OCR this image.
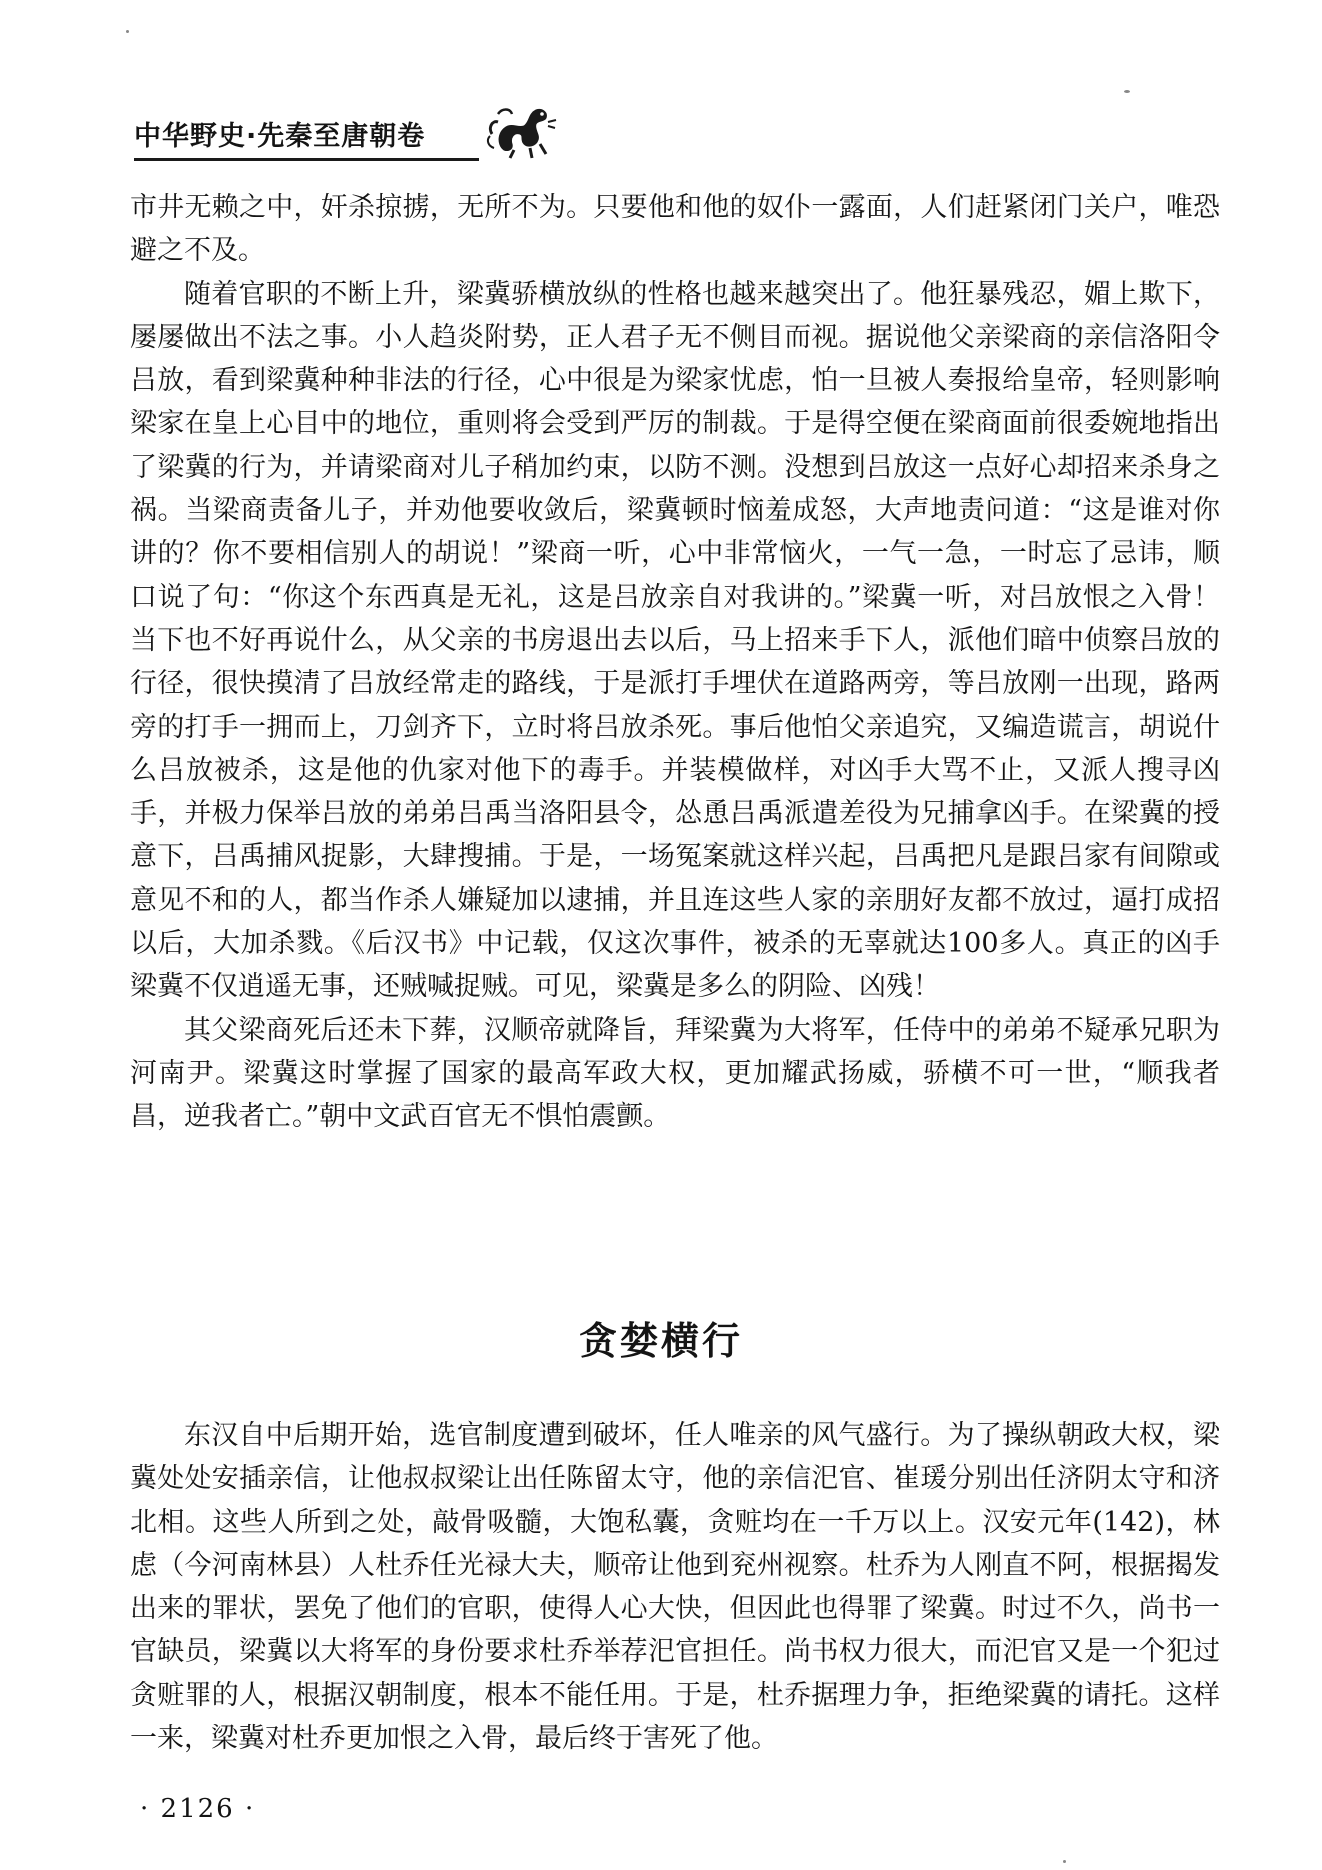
中华野史·先秦至唐朝卷

市井无赖之中，奸杀掠掳，无所不为。只要他和他的奴仆一露面，人们赶紧闭门关户，唯恐避之不及。

随着官职的不断上升，梁冀骄横放纵的性格也越来越突出了。他狂暴残忍，媚上欺下，屡屡做出不法之事。小人趋炎附势，正人君子无不侧目而视。据说他父亲梁商的亲信洛阳令吕放，看到梁冀种种非法的行径，心中很是为梁家忧虑，怕一旦被人奏报给皇帝，轻则影响梁家在皇上心目中的地位，重则将会受到严厉的制裁。于是得空便在梁商面前很委婉地指出了梁冀的行为，并请梁商对儿子稍加约束，以防不测。没想到吕放这一点好心却招来杀身之祸。当梁商责备儿子，并劝他要收敛后，梁冀顿时恼羞成怒，大声地责问道：“这是谁对你讲的？你不要相信别人的胡说！”梁商一听，心中非常恼火，一气一急，一时忘了忌讳，顺口说了句：“你这个东西真是无礼，这是吕放亲自对我讲的。”梁冀一听，对吕放恨之入骨！当下也不好再说什么，从父亲的书房退出去以后，马上招来手下人，派他们暗中侦察吕放的行径，很快摸清了吕放经常走的路线，于是派打手埋伏在道路两旁，等吕放刚一出现，路两旁的打手一拥而上，刀剑齐下，立时将吕放杀死。事后他怕父亲追究，又编造谎言，胡说什么吕放被杀，这是他的仇家对他下的毒手。并装模做样，对凶手大骂不止，又派人搜寻凶手，并极力保举吕放的弟弟吕禹当洛阳县令，怂恿吕禹派遣差役为兄捕拿凶手。在梁冀的授意下，吕禹捕风捉影，大肆搜捕。于是，一场冤案就这样兴起，吕禹把凡是跟吕家有间隙或意见不和的人，都当作杀人嫌疑加以逮捕，并且连这些人家的亲朋好友都不放过，逼打成招以后，大加杀戮。《后汉书》中记载，仅这次事件，被杀的无辜就达100多人。真正的凶手梁冀不仅逍遥无事，还贼喊捉贼。可见，梁冀是多么的阴险、凶残！

其父梁商死后还未下葬，汉顺帝就降旨，拜梁冀为大将军，任侍中的弟弟不疑承兄职为河南尹。梁冀这时掌握了国家的最高军政大权，更加耀武扬威，骄横不可一世，“顺我者昌，逆我者亡。”朝中文武百官无不惧怕震颤。

贪婪横行

东汉自中后期开始，选官制度遭到破坏，任人唯亲的风气盛行。为了操纵朝政大权，梁冀处处安插亲信，让他叔叔梁让出任陈留太守，他的亲信汜官、崔瑗分别出任济阴太守和济北相。这些人所到之处，敲骨吸髓，大饱私囊，贪赃均在一千万以上。汉安元年(142)，林虑（今河南林县）人杜乔任光禄大夫，顺帝让他到兖州视察。杜乔为人刚直不阿，根据揭发出来的罪状，罢免了他们的官职，使得人心大快，但因此也得罪了梁冀。时过不久，尚书一官缺员，梁冀以大将军的身份要求杜乔举荐汜官担任。尚书权力很大，而汜官又是一个犯过贪赃罪的人，根据汉朝制度，根本不能任用。于是，杜乔据理力争，拒绝梁冀的请托。这样一来，梁冀对杜乔更加恨之入骨，最后终于害死了他。

· 2126 ·
